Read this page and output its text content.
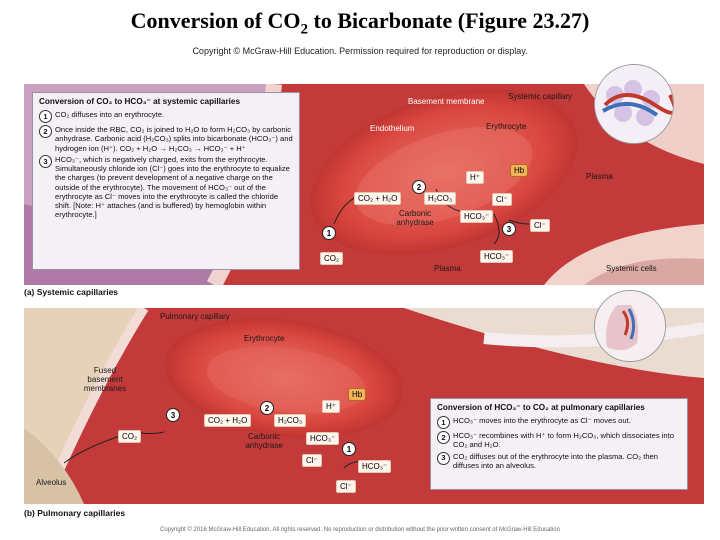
Conversion of $CO_2$ to Bicarbonate (Figure 23.27)
Copyright © McGraw-Hill Education. Permission required for reproduction or display.
Conversion of CO₂ to HCO₃⁻ at systemic capillaries
1 CO₂ diffuses into an erythrocyte.
2 Once inside the RBC, CO₂ is joined to H₂O to form H₂CO₃ by carbonic anhydrase. Carbonic acid (H₂CO₃) splits into bicarbonate (HCO₃⁻) and hydrogen ion (H⁺). CO₂ + H₂O → H₂CO₃ → HCO₃⁻ + H⁺
3 HCO₃⁻, which is negatively charged, exits from the erythrocyte. Simultaneously chloride ion (Cl⁻) goes into the erythrocyte to equalize the charges (to prevent development of a negative charge on the outside of the erythrocyte). The movement of HCO₃⁻ out of the erythrocyte as Cl⁻ moves into the erythrocyte is called the chloride shift. [Note: H⁺ attaches (and is buffered) by hemoglobin within erythrocyte.]
Basement membrane
Systemic capillary
Endothelium	Erythrocyte
Plasma
Plasma	Systemic cells
CO₂ + H₂O	H₂CO₃
Carbonic anhydrase
H⁺
Hb
HCO₃⁻
Cl⁻
Cl⁻
HCO₃⁻
CO₂
1
2
3
(a) Systemic capillaries
Pulmonary capillary
Erythrocyte
Fused basement membranes
Alveolus
CO₂ + H₂O	H₂CO₃
Carbonic anhydrase
H⁺
Hb
HCO₃⁻
Cl⁻
HCO₃⁻
Cl⁻
CO₂
3
2
1
Conversion of HCO₃⁻ to CO₂ at pulmonary capillaries
1 HCO₃⁻ moves into the erythrocyte as Cl⁻ moves out.
2 HCO₃⁻ recombines with H⁺ to form H₂CO₃, which dissociates into CO₂ and H₂O.
3 CO₂ diffuses out of the erythrocyte into the plasma. CO₂ then diffuses into an alveolus.
(b) Pulmonary capillaries
Copyright © 2016 McGraw-Hill Education. All rights reserved. No reproduction or distribution without the prior written consent of McGraw-Hill Education
